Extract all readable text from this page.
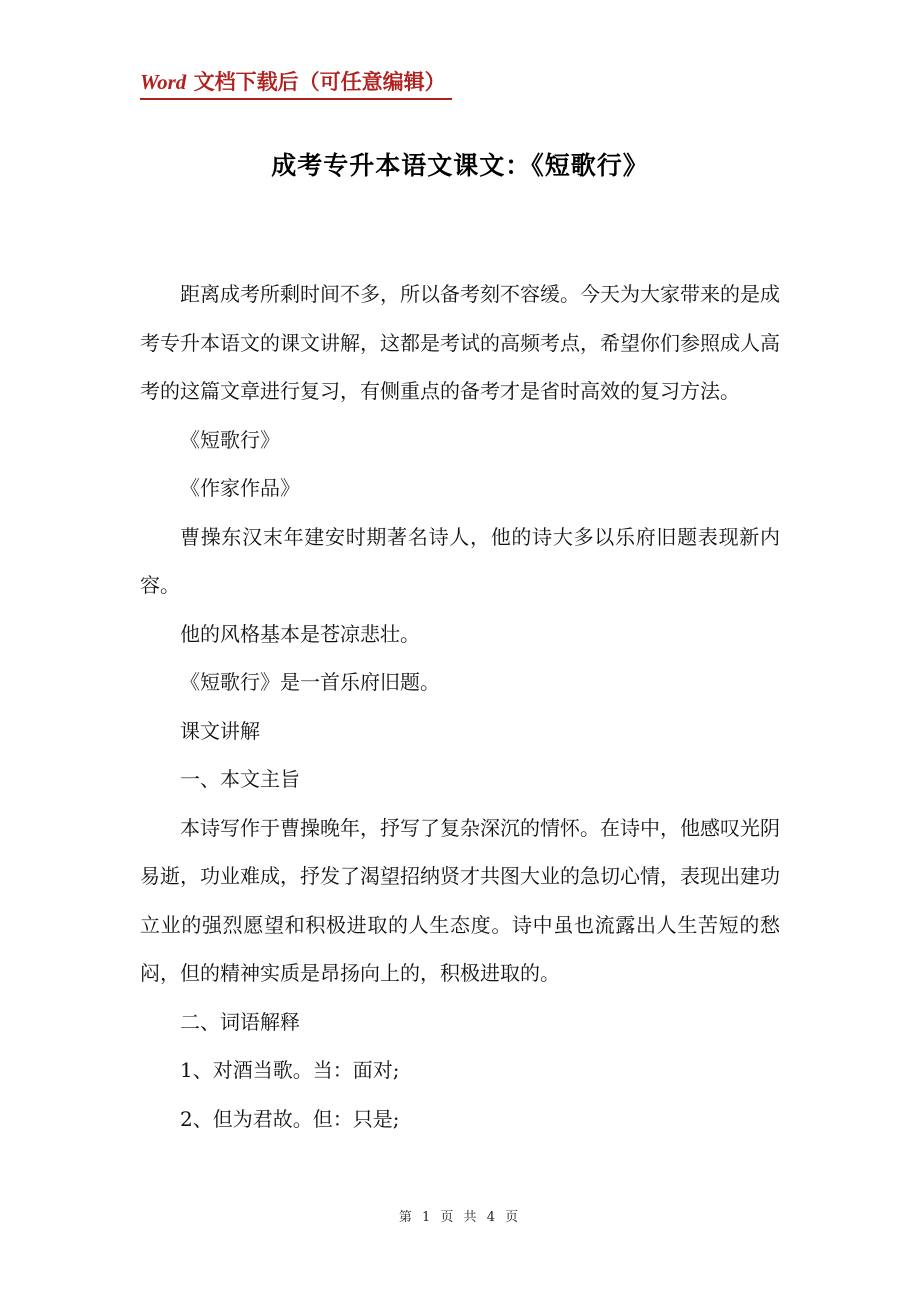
Word 文档下载后（可任意编辑）
成考专升本语文课文：《短歌行》

距离成考所剩时间不多，所以备考刻不容缓。今天为大家带来的是成考专升本语文的课文讲解，这都是考试的高频考点，希望你们参照成人高考的这篇文章进行复习，有侧重点的备考才是省时高效的复习方法。

《短歌行》

《作家作品》

曹操东汉末年建安时期著名诗人，他的诗大多以乐府旧题表现新内容。

他的风格基本是苍凉悲壮。

《短歌行》是一首乐府旧题。

课文讲解

一、本文主旨

本诗写作于曹操晚年，抒写了复杂深沉的情怀。在诗中，他感叹光阴易逝，功业难成，抒发了渴望招纳贤才共图大业的急切心情，表现出建功立业的强烈愿望和积极进取的人生态度。诗中虽也流露出人生苦短的愁闷，但的精神实质是昂扬向上的，积极进取的。

二、词语解释

1、对酒当歌。当：面对;

2、但为君故。但：只是;

第 1 页 共 4 页
